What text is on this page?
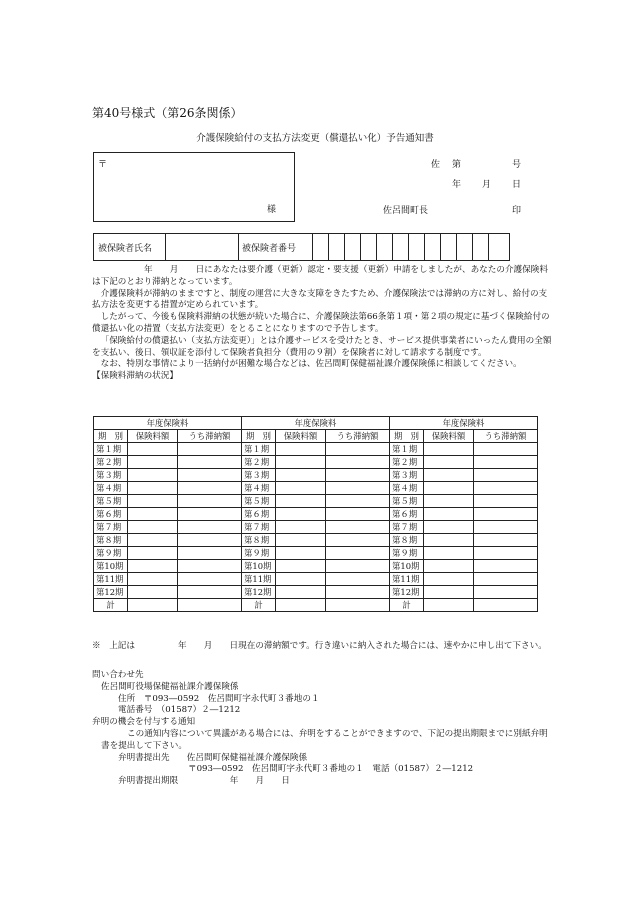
第40号様式（第26条関係）
介護保険給付の支払方法変更（償還払い化）予告通知書
〒
様
佐 第	号
年 月 日
佐呂間町長	印
被保険者氏名	被保険者番号

年　　月　　日にあなたは要介護（更新）認定・要支援（更新）申請をしましたが、あなたの介護保険料は下記のとおり滞納となっています。

介護保険料が滞納のままですと、制度の運営に大きな支障をきたすため、介護保険法では滞納の方に対し、給付の支払方法を変更する措置が定められています。

したがって、今後も保険料滞納の状態が続いた場合に、介護保険法第66条第１項・第２項の規定に基づく保険給付の償還払い化の措置（支払方法変更）をとることになりますので予告します。

「保険給付の償還払い（支払方法変更）」とは介護サービスを受けたとき、サービス提供事業者にいったん費用の全額を支払い、後日、領収証を添付して保険者負担分（費用の９割）を保険者に対して請求する制度です。

なお、特別な事情により一括納付が困難な場合などは、佐呂間町保健福祉課介護保険係に相談してください。

【保険料滞納の状況】

年度保険料			年度保険料			年度保険料		
期　別	保険料額	うち滞納額	期　別	保険料額	うち滞納額	期　別	保険料額	うち滞納額
第１期			第１期			第１期		
第２期			第２期			第２期		
第３期			第３期			第３期		
第４期			第４期			第４期		
第５期			第５期			第５期		
第６期			第６期			第６期		
第７期			第７期			第７期		
第８期			第８期			第８期		
第９期			第９期			第９期		
第10期			第10期			第10期		
第11期			第11期			第11期		
第12期			第12期			第12期		
計			計			計		
※　上記は　　　　　年　　月　　日現在の滞納額です。行き違いに納入された場合には、速やかに申し出て下さい。
問い合わせ先
佐呂間町役場保健福祉課介護保険係
住所　〒093―0592　佐呂間町字永代町３番地の１
電話番号　（01587）２―1212
弁明の機会を付与する通知
この通知内容について異議がある場合には、弁明をすることができますので、下記の提出期限までに別紙弁明書を提出して下さい。
弁明書提出先　　佐呂間町保健福祉課介護保険係
〒093―0592　佐呂間町字永代町３番地の１　電話（01587）２―1212
弁明書提出期限　　　　　　年　　月　　日
